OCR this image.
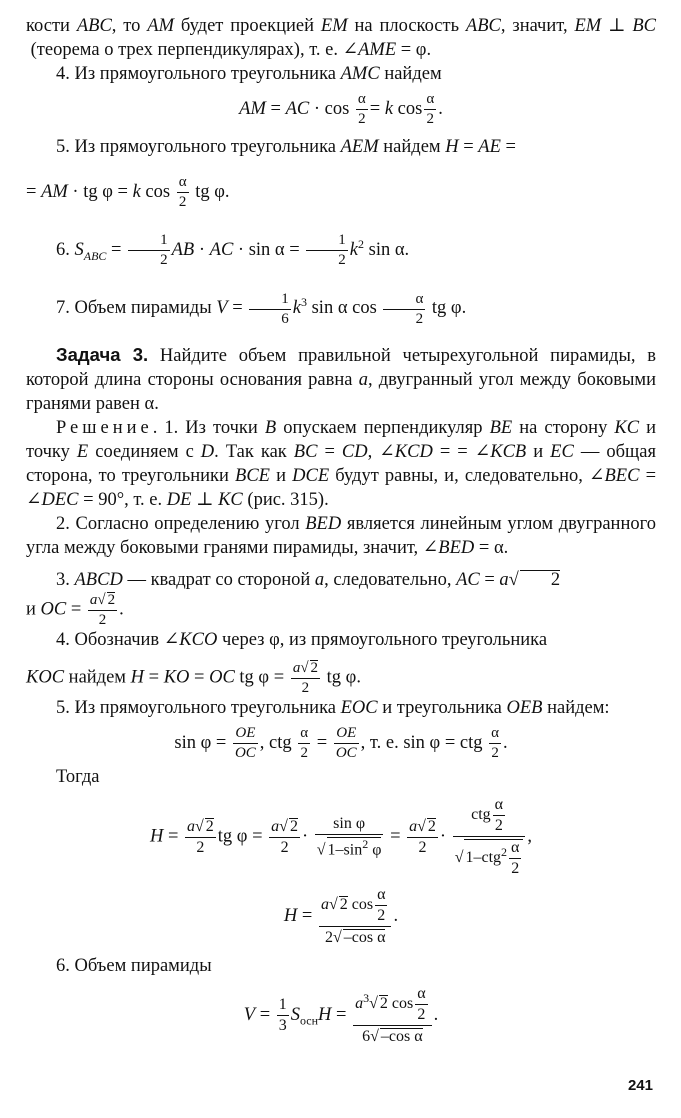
кости ABC, то AM будет проекцией EM на плоскость ABC, значит, EM ⊥ BC  (теорема о трех перпендикулярах), т. е. ∠AME = φ.

4. Из прямоугольного треугольника AMC найдем

AM = AC · $\cos \frac{\alpha}{2} = k$ $\cos \frac{\alpha}{2}$ .

5. Из прямоугольного треугольника AEM найдем H = AE =

= AM · tg φ = k $\cos \frac{\alpha}{2}$ tg φ.

6. $S_{ABC} = \frac{1}{2}$ AB · AC · $\sin \alpha = \frac{1}{2} k^2$ sin α.

7. Объем пирамиды $V = \frac{1}{6} k^3$ sin α $\cos \frac{\alpha}{2}$ tg φ.

Задача 3. Найдите объем правильной четырехугольной пирамиды, в которой длина стороны основания равна a, двугранный угол между боковыми гранями равен α.

Решение. 1. Из точки B опускаем перпендикуляр BE на сторону KC и точку E соединяем с D. Так как BC = CD, ∠KCD = = ∠KCB и EC — общая сторона, то треугольники BCE и DCE будут равны, и, следовательно, ∠BEC = ∠DEC = 90°, т. е. DE ⊥ KC (рис. 315).

2. Согласно определению угол BED является линейным углом двугранного угла между боковыми гранями пирамиды, значит, ∠BED = α.

3. ABCD — квадрат со стороной a, следовательно, AC = a√ 2

и OC = $\frac{a√ 2}{2}$ .

4. Обозначив ∠KCO через φ, из прямоугольного треугольника

KOC найдем H = KO = OC tg $\varphi = \frac{a√ 2}{2}$ tg φ.

5. Из прямоугольного треугольника EOC и треугольника OEB найдем:

$\sin \varphi = \frac{OE}{OC}$ , ctg $\frac{\alpha}{2} = \frac{OE}{OC}$ , т. е. sin φ = ctg $\frac{\alpha}{2}$ .

Тогда

$H = \frac{a√ 2}{2}$ tg $\varphi = \frac{a√ 2}{2} \cdot \frac{\text{sin φ}}{√ 1-\sin^2 \varphi} = \frac{a√ 2}{2} \cdot \frac{ctg \frac{\alpha}{2}}{√ 1-ctg^2 \frac{\alpha}{2}}$ ,

$H = \frac{a√ 2 \cos \frac{\alpha}{2}}{\text{2√ –cos α}}$ .

6. Объем пирамиды

$V = \frac{1}{3} S_{осн}H = \frac{a^3√ 2 \cos \frac{\alpha}{2}}{\text{6√ –cos α}}$ .

241
